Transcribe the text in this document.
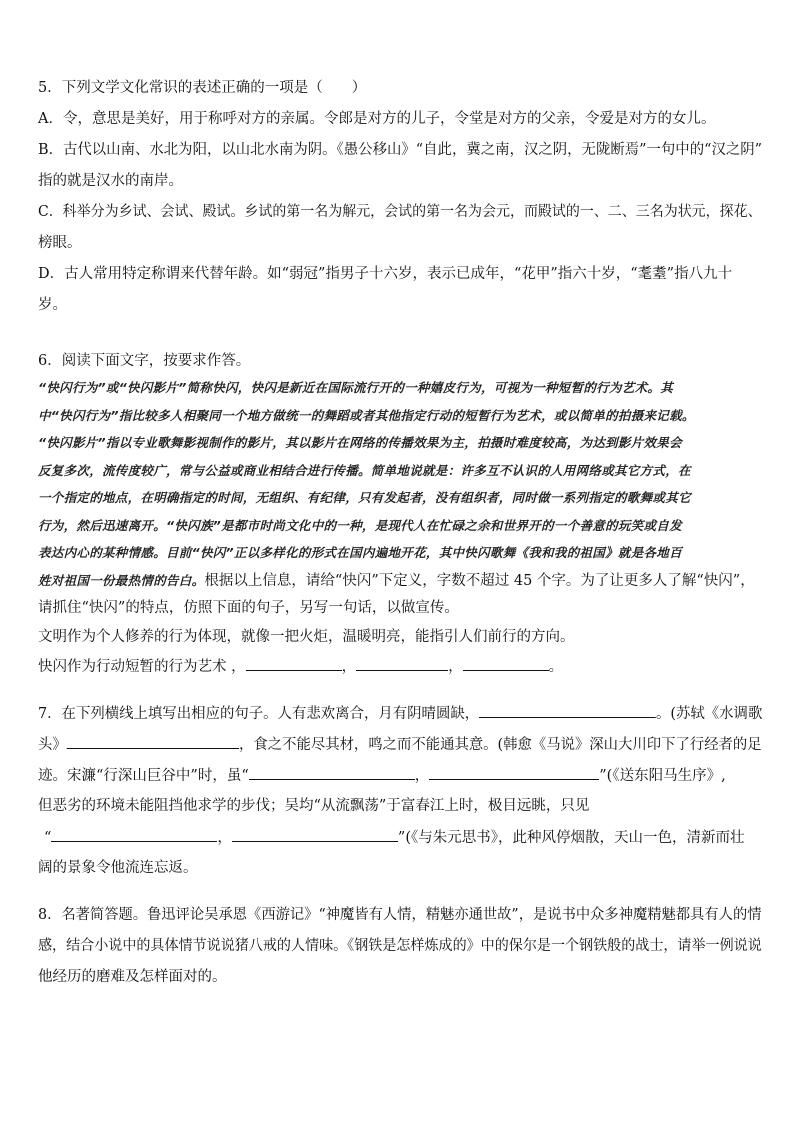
5．下列文学文化常识的表述正确的一项是（　　）

A．令，意思是美好，用于称呼对方的亲属。令郎是对方的儿子，令堂是对方的父亲，令爱是对方的女儿。

B．古代以山南、水北为阳，以山北水南为阴。《愚公移山》“自此，冀之南，汉之阴，无陇断焉”一句中的“汉之阴”

指的就是汉水的南岸。

C．科举分为乡试、会试、殿试。乡试的第一名为解元，会试的第一名为会元，而殿试的一、二、三名为状元，探花、

榜眼。

D．古人常用特定称谓来代替年龄。如“弱冠”指男子十六岁，表示已成年，“花甲”指六十岁，“耄耋”指八九十

岁。

6．阅读下面文字，按要求作答。

“快闪行为”或“快闪影片”简称快闪，快闪是新近在国际流行开的一种嬉皮行为，可视为一种短暂的行为艺术。其

中“快闪行为”指比较多人相聚同一个地方做统一的舞蹈或者其他指定行动的短暂行为艺术，或以简单的拍摄来记载。

“快闪影片”指以专业歌舞影视制作的影片，其以影片在网络的传播效果为主，拍摄时难度较高，为达到影片效果会

反复多次，流传度较广，常与公益或商业相结合进行传播。简单地说就是：许多互不认识的人用网络或其它方式，在

一个指定的地点，在明确指定的时间，无组织、有纪律，只有发起者，没有组织者，同时做一系列指定的歌舞或其它

行为，然后迅速离开。“快闪族”是都市时尚文化中的一种，是现代人在忙碌之余和世界开的一个善意的玩笑或自发

表达内心的某种情感。目前“快闪”正以多样化的形式在国内遍地开花，其中快闪歌舞《我和我的祖国》就是各地百

姓对祖国一份最热情的告白。根据以上信息，请给“快闪”下定义，字数不超过 45 个字。为了让更多人了解“快闪”，

请抓住“快闪”的特点，仿照下面的句子，另写一句话，以做宣传。

文明作为个人修养的行为体现，就像一把火炬，温暖明亮，能指引人们前行的方向。

快闪作为行动短暂的行为艺术 ，	，	，	。

7．在下列横线上填写出相应的句子。人有悲欢离合，月有阴晴圆缺，	。(苏轼《水调歌

头》	，食之不能尽其材，鸣之而不能通其意。(韩愈《马说》深山大川印下了行经者的足

迹。宋濂“行深山巨谷中”时，虽“	，	”(《送东阳马生序》,

但恶劣的环境未能阻挡他求学的步伐；吴均“从流飘荡”于富春江上时，极目远眺，只见

“	，	”(《与朱元思书》，此种风停烟散，天山一色，清新而壮

阔的景象令他流连忘返。

8．名著简答题。鲁迅评论吴承恩《西游记》“神魔皆有人情，精魅亦通世故”，是说书中众多神魔精魅都具有人的情

感，结合小说中的具体情节说说猪八戒的人情味。《钢铁是怎样炼成的》中的保尔是一个钢铁般的战士，请举一例说说

他经历的磨难及怎样面对的。
